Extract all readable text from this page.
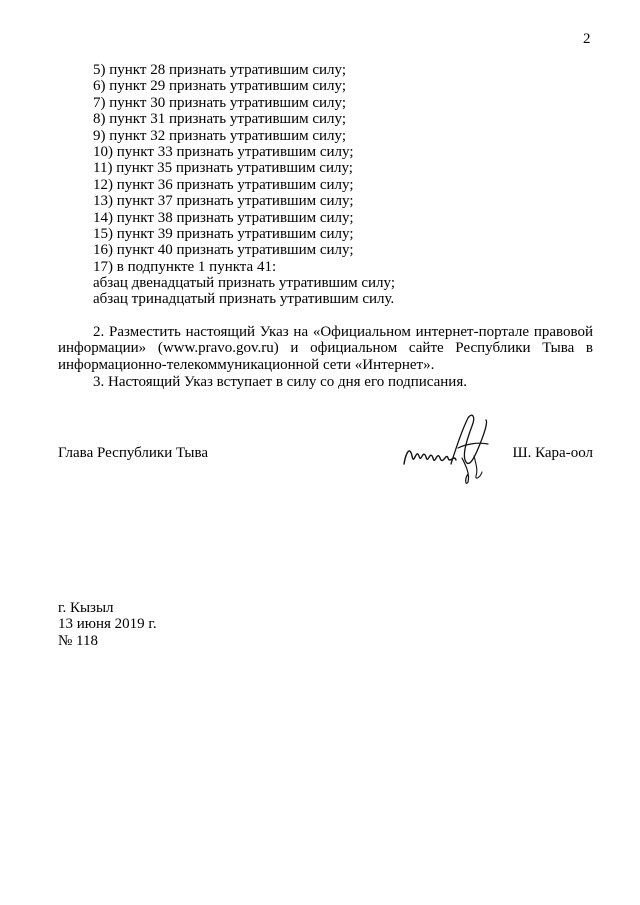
2
5) пункт 28 признать утратившим силу;
6) пункт 29 признать утратившим силу;
7) пункт 30 признать утратившим силу;
8) пункт 31 признать утратившим силу;
9) пункт 32 признать утратившим силу;
10) пункт 33 признать утратившим силу;
11) пункт 35 признать утратившим силу;
12) пункт 36 признать утратившим силу;
13) пункт 37 признать утратившим силу;
14) пункт 38 признать утратившим силу;
15) пункт 39 признать утратившим силу;
16) пункт 40 признать утратившим силу;
17) в подпункте 1 пункта 41:
абзац двенадцатый признать утратившим силу;
абзац тринадцатый признать утратившим силу.
2. Разместить настоящий Указ на «Официальном интернет-портале правовой информации» (www.pravo.gov.ru) и официальном сайте Республики Тыва в информационно-телекоммуникационной сети «Интернет».
3. Настоящий Указ вступает в силу со дня его подписания.
Глава Республики Тыва	Ш. Кара-оол
г. Кызыл
13 июня 2019 г.
№ 118
